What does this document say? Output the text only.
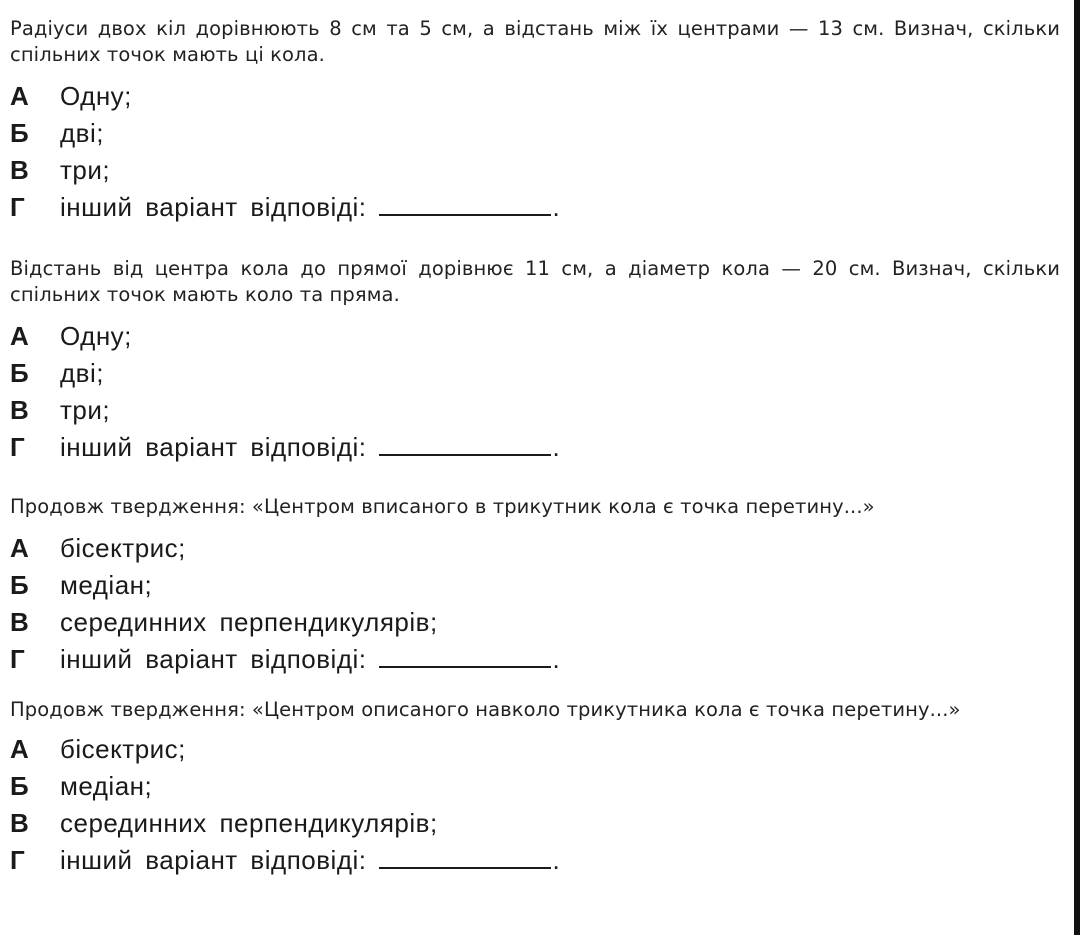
Радіуси двох кіл дорівнюють 8 см та 5 см, а відстань між їх центрами — 13 см. Визнач, скільки спільних точок мають ці кола.

А Одну;
Б дві;
В три;
Г інший варіант відповіді:	.

Відстань від центра кола до прямої дорівнює 11 см, а діаметр кола — 20 см. Визнач, скільки спільних точок мають коло та пряма.

А Одну;
Б дві;
В три;
Г інший варіант відповіді:	.

Продовж твердження: «Центром вписаного в трикутник кола є точка перетину...»

А бісектрис;
Б медіан;
В серединних перпендикулярів;
Г інший варіант відповіді:	.

Продовж твердження: «Центром описаного навколо трикутника кола є точка перетину...»

А бісектрис;
Б медіан;
В серединних перпендикулярів;
Г інший варіант відповіді:	.
